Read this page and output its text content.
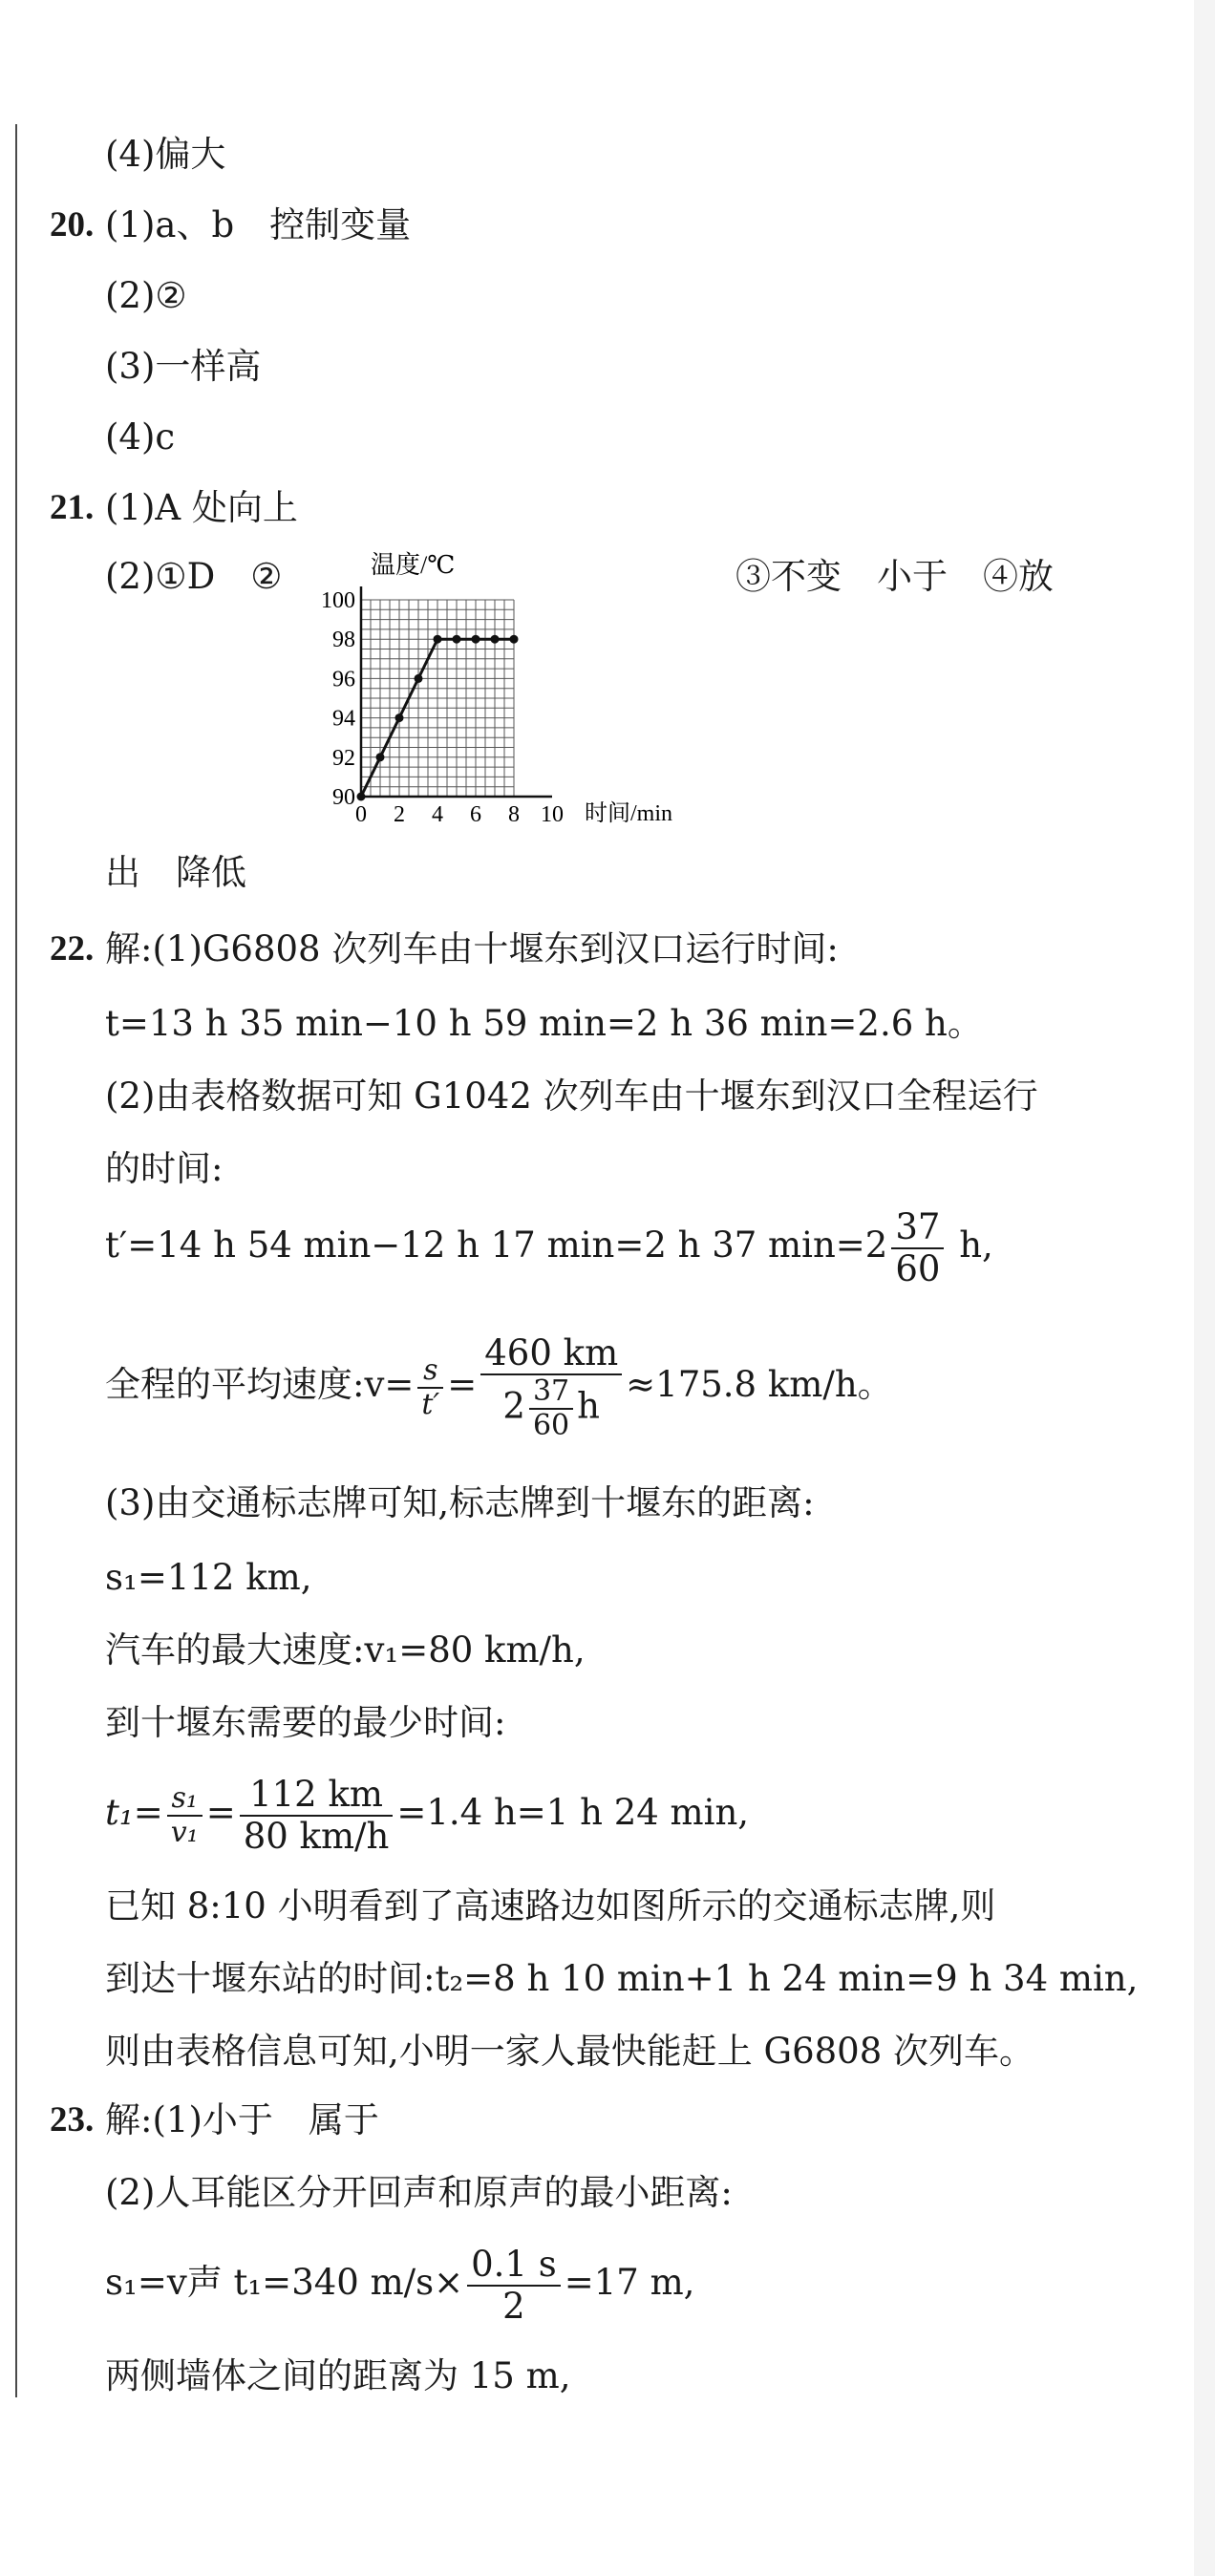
(4)偏大
20. (1)a、b　控制变量
(2)②
(3)一样高
(4)c
21. (1)A 处向上
(2)①D　②	③不变　小于　④放
0 2 4 6 8 10
90
92
94
96
98
100
温度/℃
时间/min
出　降低
22. 解:(1)G6808 次列车由十堰东到汉口运行时间:
t=13 h 35 min−10 h 59 min=2 h 36 min=2.6 h。
(2)由表格数据可知 G1042 次列车由十堰东到汉口全程运行
的时间:
t′=14 h 54 min−12 h 17 min=2 h 37 $\min=2 \frac{37}{60} h$,
全程的平均速度:v= $\frac{s}{t'} = \frac{460 km}{2 \frac{37}{60} h} \approx 175.8$ km/h。
(3)由交通标志牌可知,标志牌到十堰东的距离:
s₁=112 km,
汽车的最大速度:v₁=80 km/h,
到十堰东需要的最少时间:
$t_1= \frac{\text{s₁}}{\text{v₁}} = \frac{112 km}{80 km/h} =1.4$ h=1 h 24 min,
已知 8:10 小明看到了高速路边如图所示的交通标志牌,则
到达十堰东站的时间:t₂=8 h 10 min+1 h 24 min=9 h 34 min,
则由表格信息可知,小明一家人最快能赶上 G6808 次列车。
23. 解:(1)小于　属于
(2)人耳能区分开回声和原声的最小距离:
s₁=v声 t₁=340 $m/s\times \frac{0.1 s}{2} =17$ m,
两侧墙体之间的距离为 15 m,
